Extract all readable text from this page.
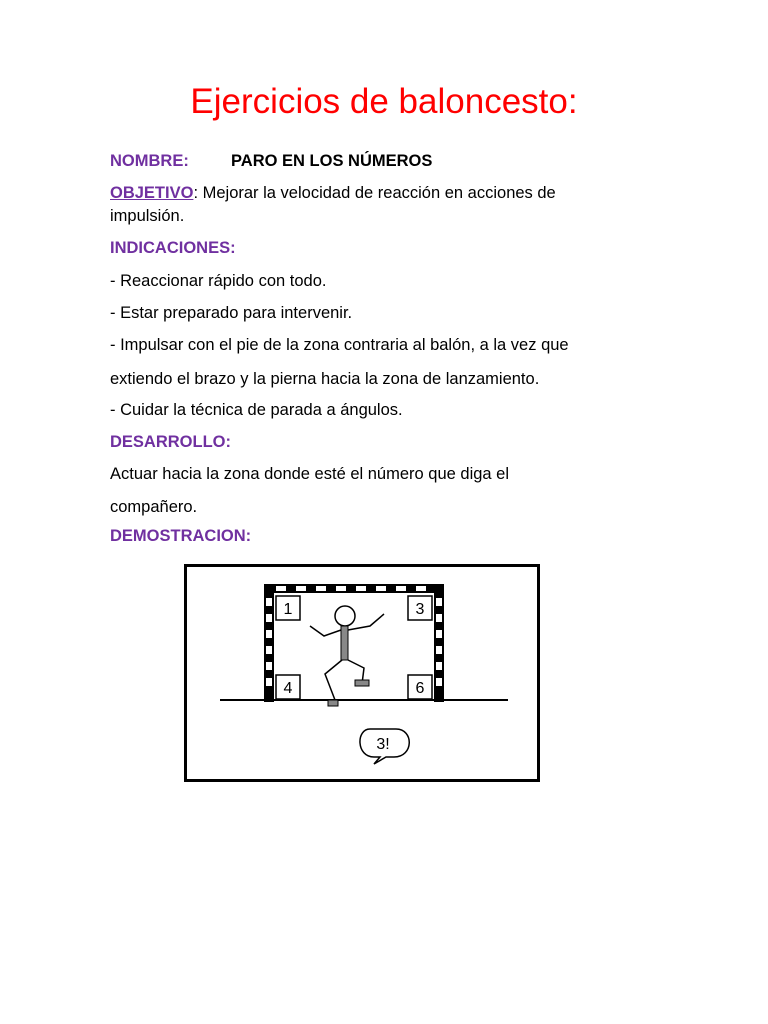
Ejercicios de baloncesto:
NOMBRE:	PARO EN LOS NÚMEROS
OBJETIVO: Mejorar la velocidad de reacción en acciones de
impulsión.
INDICACIONES:
- Reaccionar rápido con todo.
- Estar preparado para intervenir.
- Impulsar con el pie de la zona contraria al balón, a la vez que
extiendo el brazo y la pierna hacia la zona de lanzamiento.
- Cuidar la técnica de parada a ángulos.
DESARROLLO:
Actuar hacia la zona donde esté el número que diga el
compañero.
DEMOSTRACION:
1	3
4	6
3!
